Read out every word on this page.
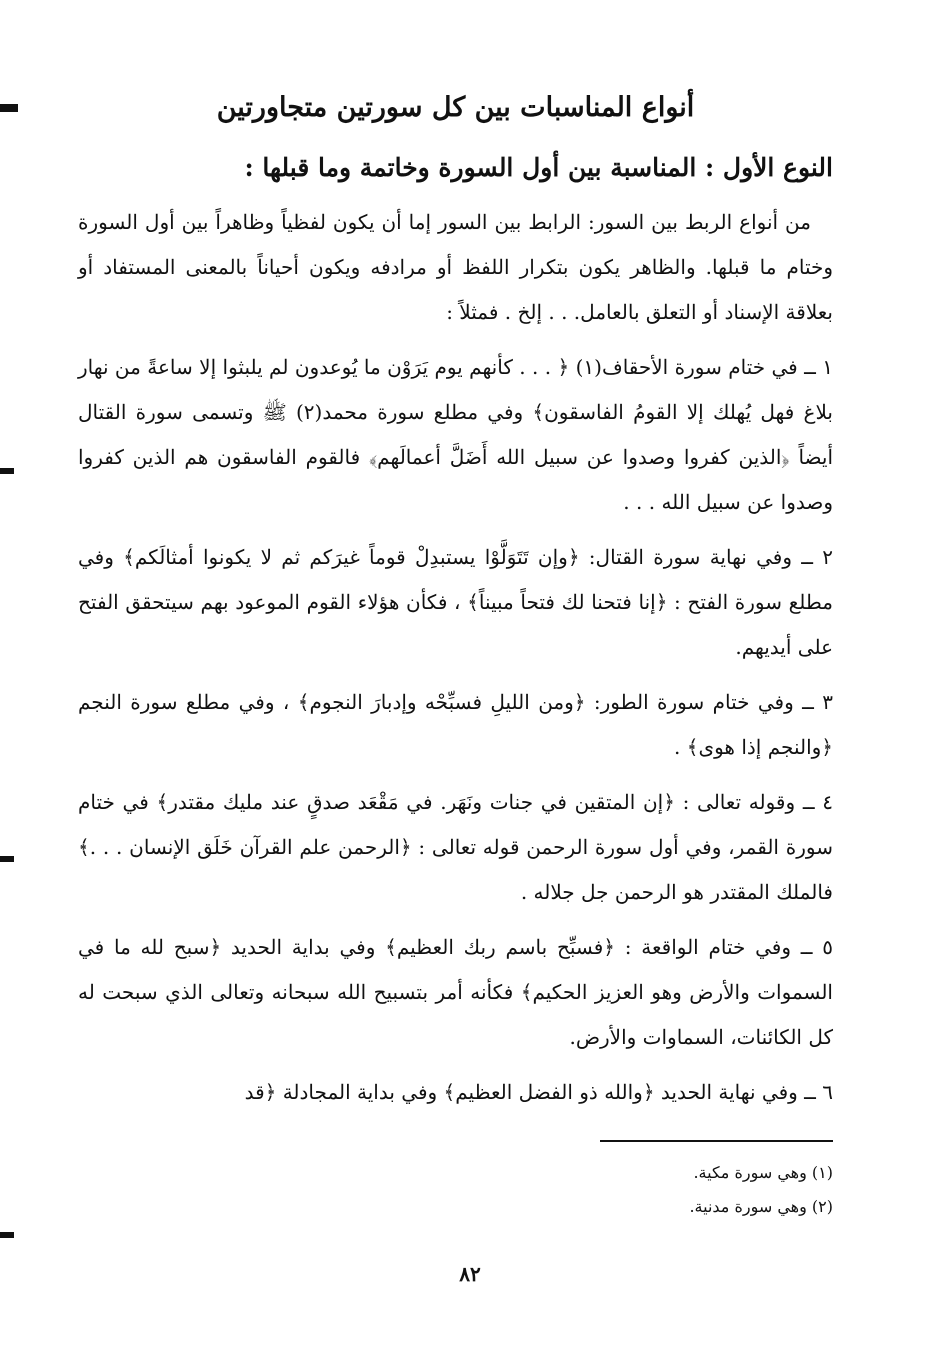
أنواع المناسبات بين كل سورتين متجاورتين
النوع الأول : المناسبة بين أول السورة وخاتمة وما قبلها :

من أنواع الربط بين السور: الرابط بين السور إما أن يكون لفظياً وظاهراً بين أول السورة وختام ما قبلها. والظاهر يكون بتكرار اللفظ أو مرادفه ويكون أحياناً بالمعنى المستفاد أو بعلاقة الإسناد أو التعلق بالعامل. . . إلخ . فمثلاً :

١ ــ في ختام سورة الأحقاف(١) ﴿ . . . كأنهم يوم يَرَوْن ما يُوعدون لم يلبثوا إلا ساعةً من نهار بلاغ فهل يُهلك إلا القومُ الفاسقون﴾ وفي مطلع سورة محمد(٢) ﷺ وتسمى سورة القتال أيضاً ﴿الذين كفروا وصدوا عن سبيل الله أَضَلَّ أعمالَهم﴾ فالقوم الفاسقون هم الذين كفروا وصدوا عن سبيل الله . . .

٢ ــ وفي نهاية سورة القتال: ﴿وإن تَتَوَلَّوْا يستبدِلْ قوماً غيرَكم ثم لا يكونوا أمثالَكم﴾ وفي مطلع سورة الفتح : ﴿إنا فتحنا لك فتحاً مبيناً﴾ ، فكأن هؤلاء القوم الموعود بهم سيتحقق الفتح على أيديهم.

٣ ــ وفي ختام سورة الطور: ﴿ومن الليلِ فسبِّحْه وإدبارَ النجوم﴾ ، وفي مطلع سورة النجم ﴿والنجم إذا هوى﴾ .

٤ ــ وقوله تعالى : ﴿إن المتقين في جنات ونَهَر. في مَقْعَد صدقٍ عند مليك مقتدر﴾ في ختام سورة القمر، وفي أول سورة الرحمن قوله تعالى : ﴿الرحمن علم القرآن خَلَق الإنسان . . .﴾ فالملك المقتدر هو الرحمن جل جلاله .

٥ ــ وفي ختام الواقعة : ﴿فسبِّح باسم ربك العظيم﴾ وفي بداية الحديد ﴿سبح لله ما في السموات والأرض وهو العزيز الحكيم﴾ فكأنه أمر بتسبيح الله سبحانه وتعالى الذي سبحت له كل الكائنات، السماوات والأرض.

٦ ــ وفي نهاية الحديد ﴿والله ذو الفضل العظيم﴾ وفي بداية المجادلة ﴿قد

(١) وهي سورة مكية.

(٢) وهي سورة مدنية.

٨٢
